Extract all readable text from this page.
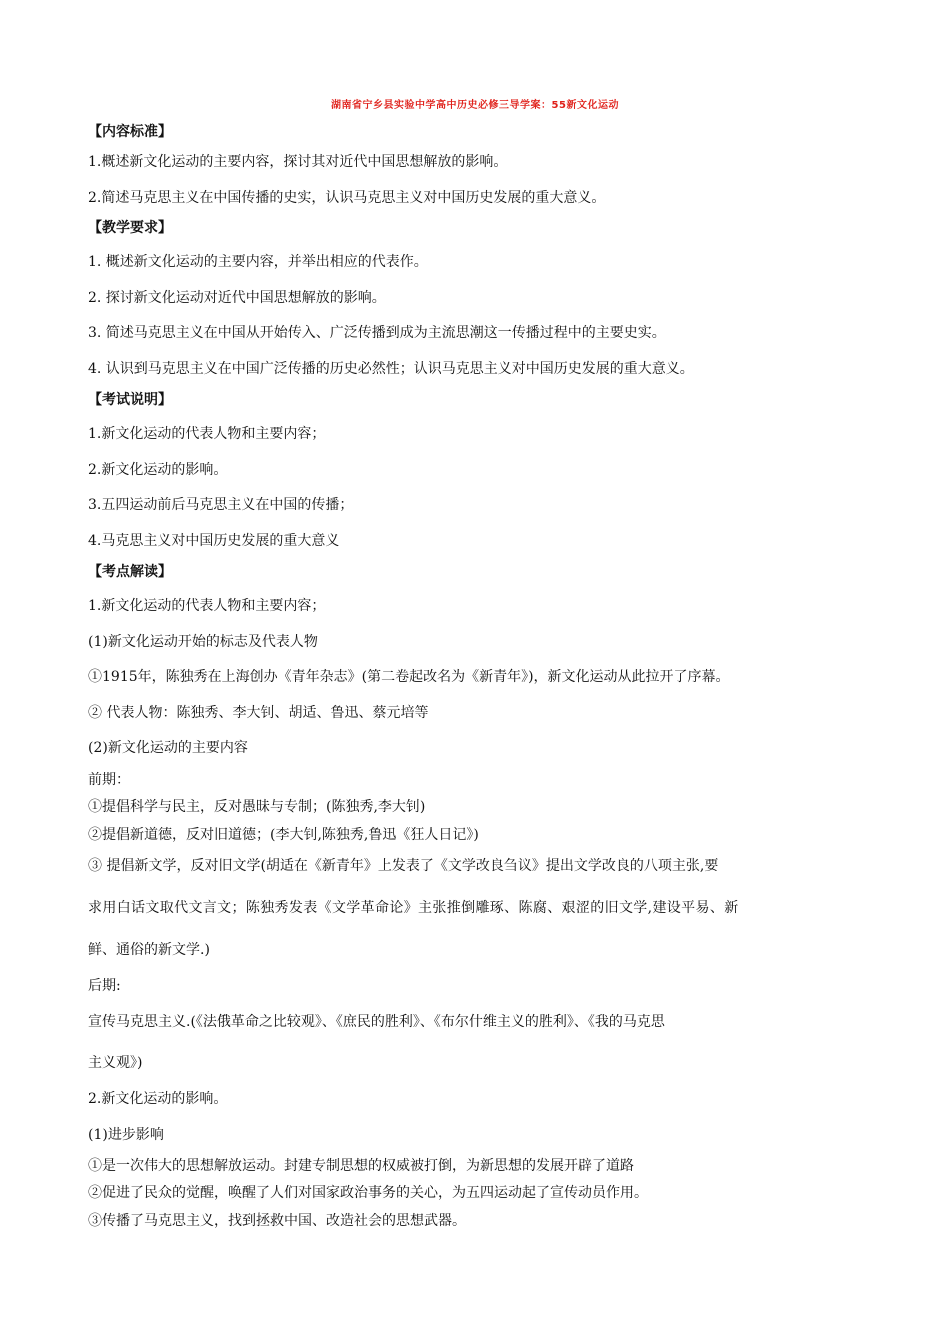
湖南省宁乡县实验中学高中历史必修三导学案：55新文化运动
【内容标准】
1.概述新文化运动的主要内容，探讨其对近代中国思想解放的影响。
2.简述马克思主义在中国传播的史实，认识马克思主义对中国历史发展的重大意义。
【教学要求】
1. 概述新文化运动的主要内容，并举出相应的代表作。
2. 探讨新文化运动对近代中国思想解放的影响。
3. 简述马克思主义在中国从开始传入、广泛传播到成为主流思潮这一传播过程中的主要史实。
4. 认识到马克思主义在中国广泛传播的历史必然性；认识马克思主义对中国历史发展的重大意义。
【考试说明】
1.新文化运动的代表人物和主要内容；
2.新文化运动的影响。
3.五四运动前后马克思主义在中国的传播；
4.马克思主义对中国历史发展的重大意义
【考点解读】
1.新文化运动的代表人物和主要内容；
(1)新文化运动开始的标志及代表人物
①1915年，陈独秀在上海创办《青年杂志》(第二卷起改名为《新青年》)，新文化运动从此拉开了序幕。
② 代表人物：陈独秀、李大钊、胡适、鲁迅、蔡元培等
(2)新文化运动的主要内容
前期：
①提倡科学与民主，反对愚昧与专制；(陈独秀,李大钊)
②提倡新道德，反对旧道德；(李大钊,陈独秀,鲁迅《狂人日记》)
③ 提倡新文学，反对旧文学(胡适在《新青年》上发表了《文学改良刍议》提出文学改良的八项主张,要
求用白话文取代文言文；陈独秀发表《文学革命论》主张推倒雕琢、陈腐、艰涩的旧文学,建设平易、新
鲜、通俗的新文学.)
后期:
宣传马克思主义.(《法俄革命之比较观》、《庶民的胜利》、《布尔什维主义的胜利》、《我的马克思
主义观》)
2.新文化运动的影响。
(1)进步影响
①是一次伟大的思想解放运动。封建专制思想的权威被打倒，为新思想的发展开辟了道路
②促进了民众的觉醒，唤醒了人们对国家政治事务的关心，为五四运动起了宣传动员作用。
③传播了马克思主义，找到拯救中国、改造社会的思想武器。
